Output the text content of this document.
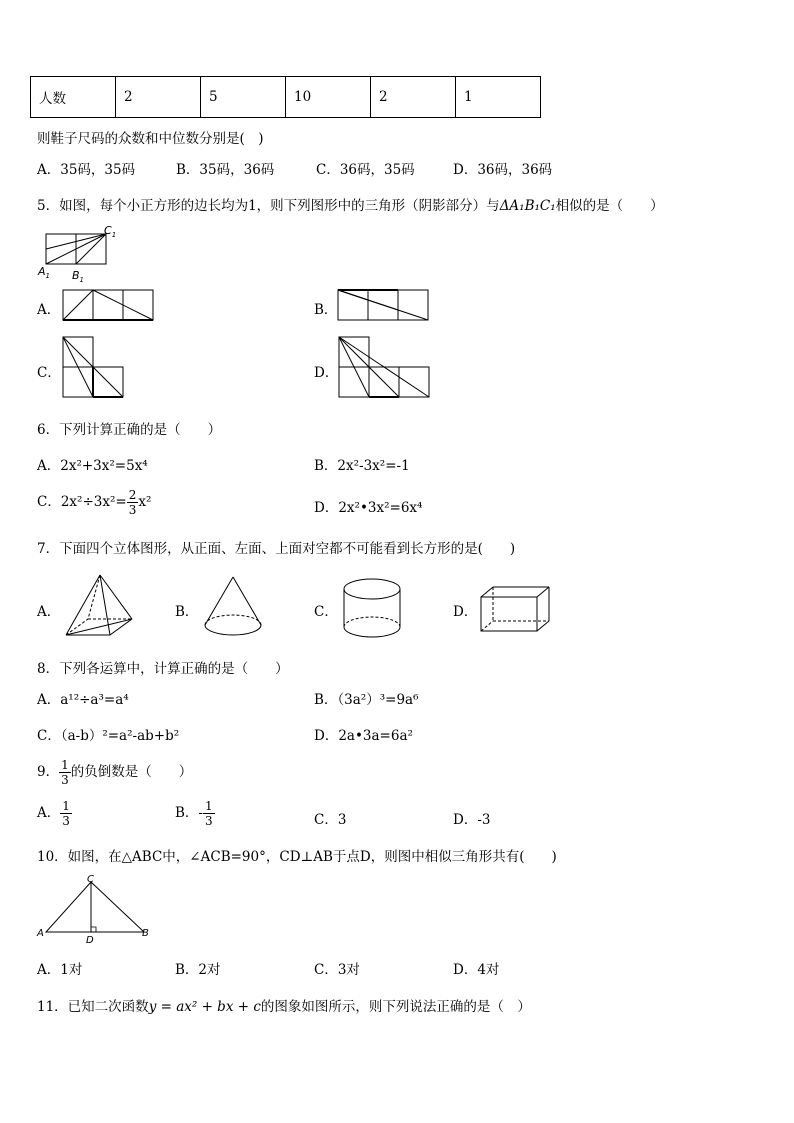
人数	2	5	10	2	1
则鞋子尺码的众数和中位数分别是(　)
A．35码，35码	B．35码，36码	C．36码，35码	D．36码，36码
5．如图，每个小正方形的边长均为1，则下列图形中的三角形（阴影部分）与ΔA₁B₁C₁相似的是（　　）
$C_1$
$A_1$ $B_1$
A．	B．
C．	D．
6．下列计算正确的是（　　）
A．2x²+3x²=5x⁴	B．2x²-3x²=-1
C．$2x^2\div 3x^2= \frac{2}{3} x^2$	D．2x²•3x²=6x⁴
7．下面四个立体图形，从正面、左面、上面对空都不可能看到长方形的是(　　)
A．	B．	C．	D．
8．下列各运算中，计算正确的是（　　）
A．a¹²÷a³=a⁴	B．（3a²）³=9a⁶
C．（a-b）²=a²-ab+b²	D．2a•3a=6a²
9． $\frac{1}{3}$ 的负倒数是（　　）
A． $\frac{1}{3}$	B．- $\frac{1}{3}$	C．3	D．-3
10．如图，在△ABC中，∠ACB=90°，CD⊥AB于点D，则图中相似三角形共有(　　)
C
A	B
D
A．1对	B．2对	C．3对	D．4对
11．已知二次函数y = ax² + bx + c的图象如图所示，则下列说法正确的是（　）
